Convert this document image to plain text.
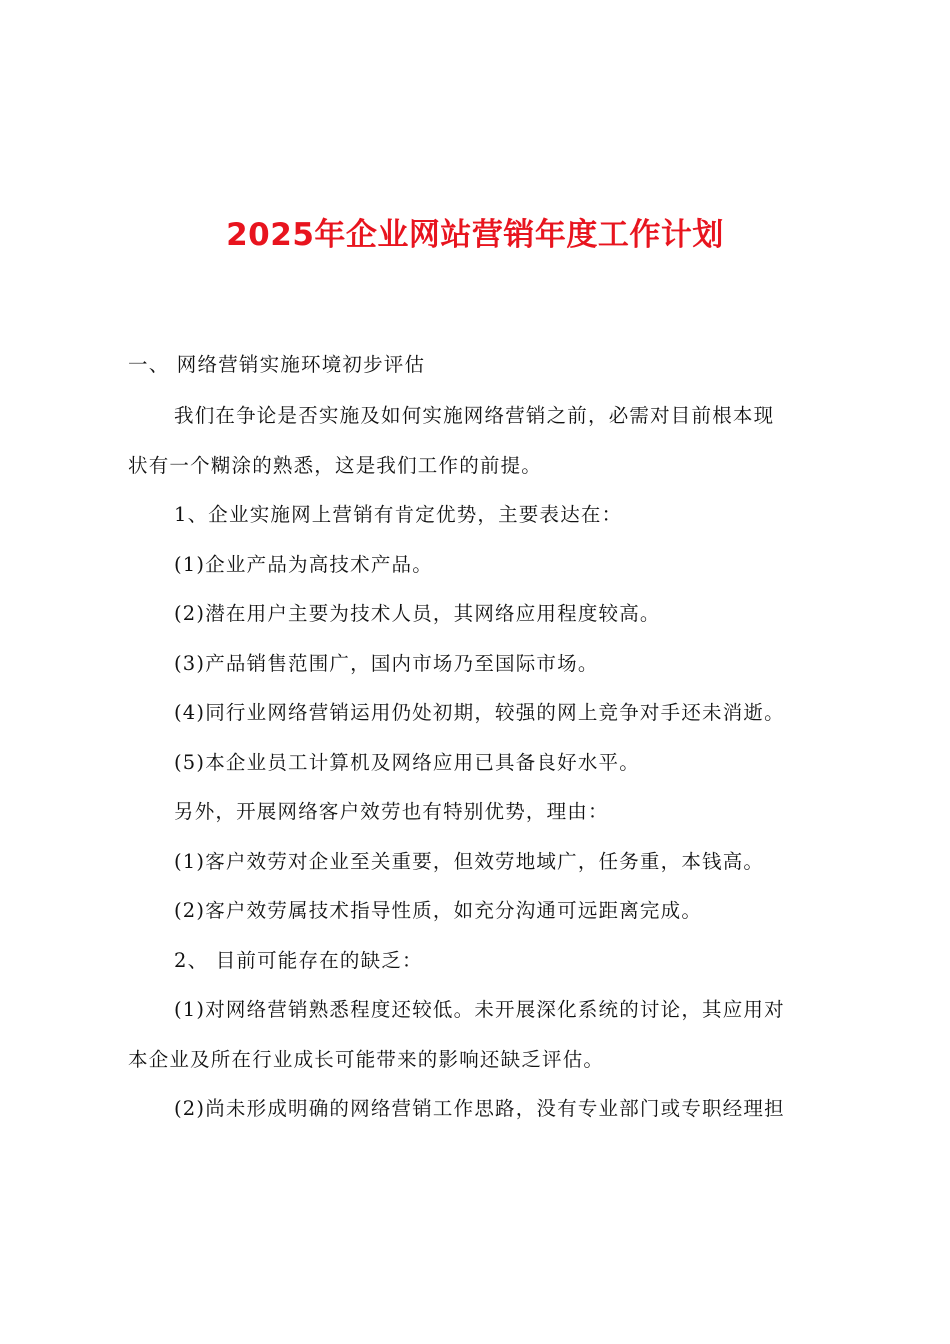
2025年企业网站营销年度工作计划
一、 网络营销实施环境初步评估
我们在争论是否实施及如何实施网络营销之前，必需对目前根本现
状有一个糊涂的熟悉，这是我们工作的前提。
1、企业实施网上营销有肯定优势，主要表达在：
(1)企业产品为高技术产品。
(2)潜在用户主要为技术人员，其网络应用程度较高。
(3)产品销售范围广，国内市场乃至国际市场。
(4)同行业网络营销运用仍处初期，较强的网上竞争对手还未消逝。
(5)本企业员工计算机及网络应用已具备良好水平。
另外，开展网络客户效劳也有特别优势，理由：
(1)客户效劳对企业至关重要，但效劳地域广，任务重，本钱高。
(2)客户效劳属技术指导性质，如充分沟通可远距离完成。
2、 目前可能存在的缺乏：
(1)对网络营销熟悉程度还较低。未开展深化系统的讨论，其应用对
本企业及所在行业成长可能带来的影响还缺乏评估。
(2)尚未形成明确的网络营销工作思路，没有专业部门或专职经理担
